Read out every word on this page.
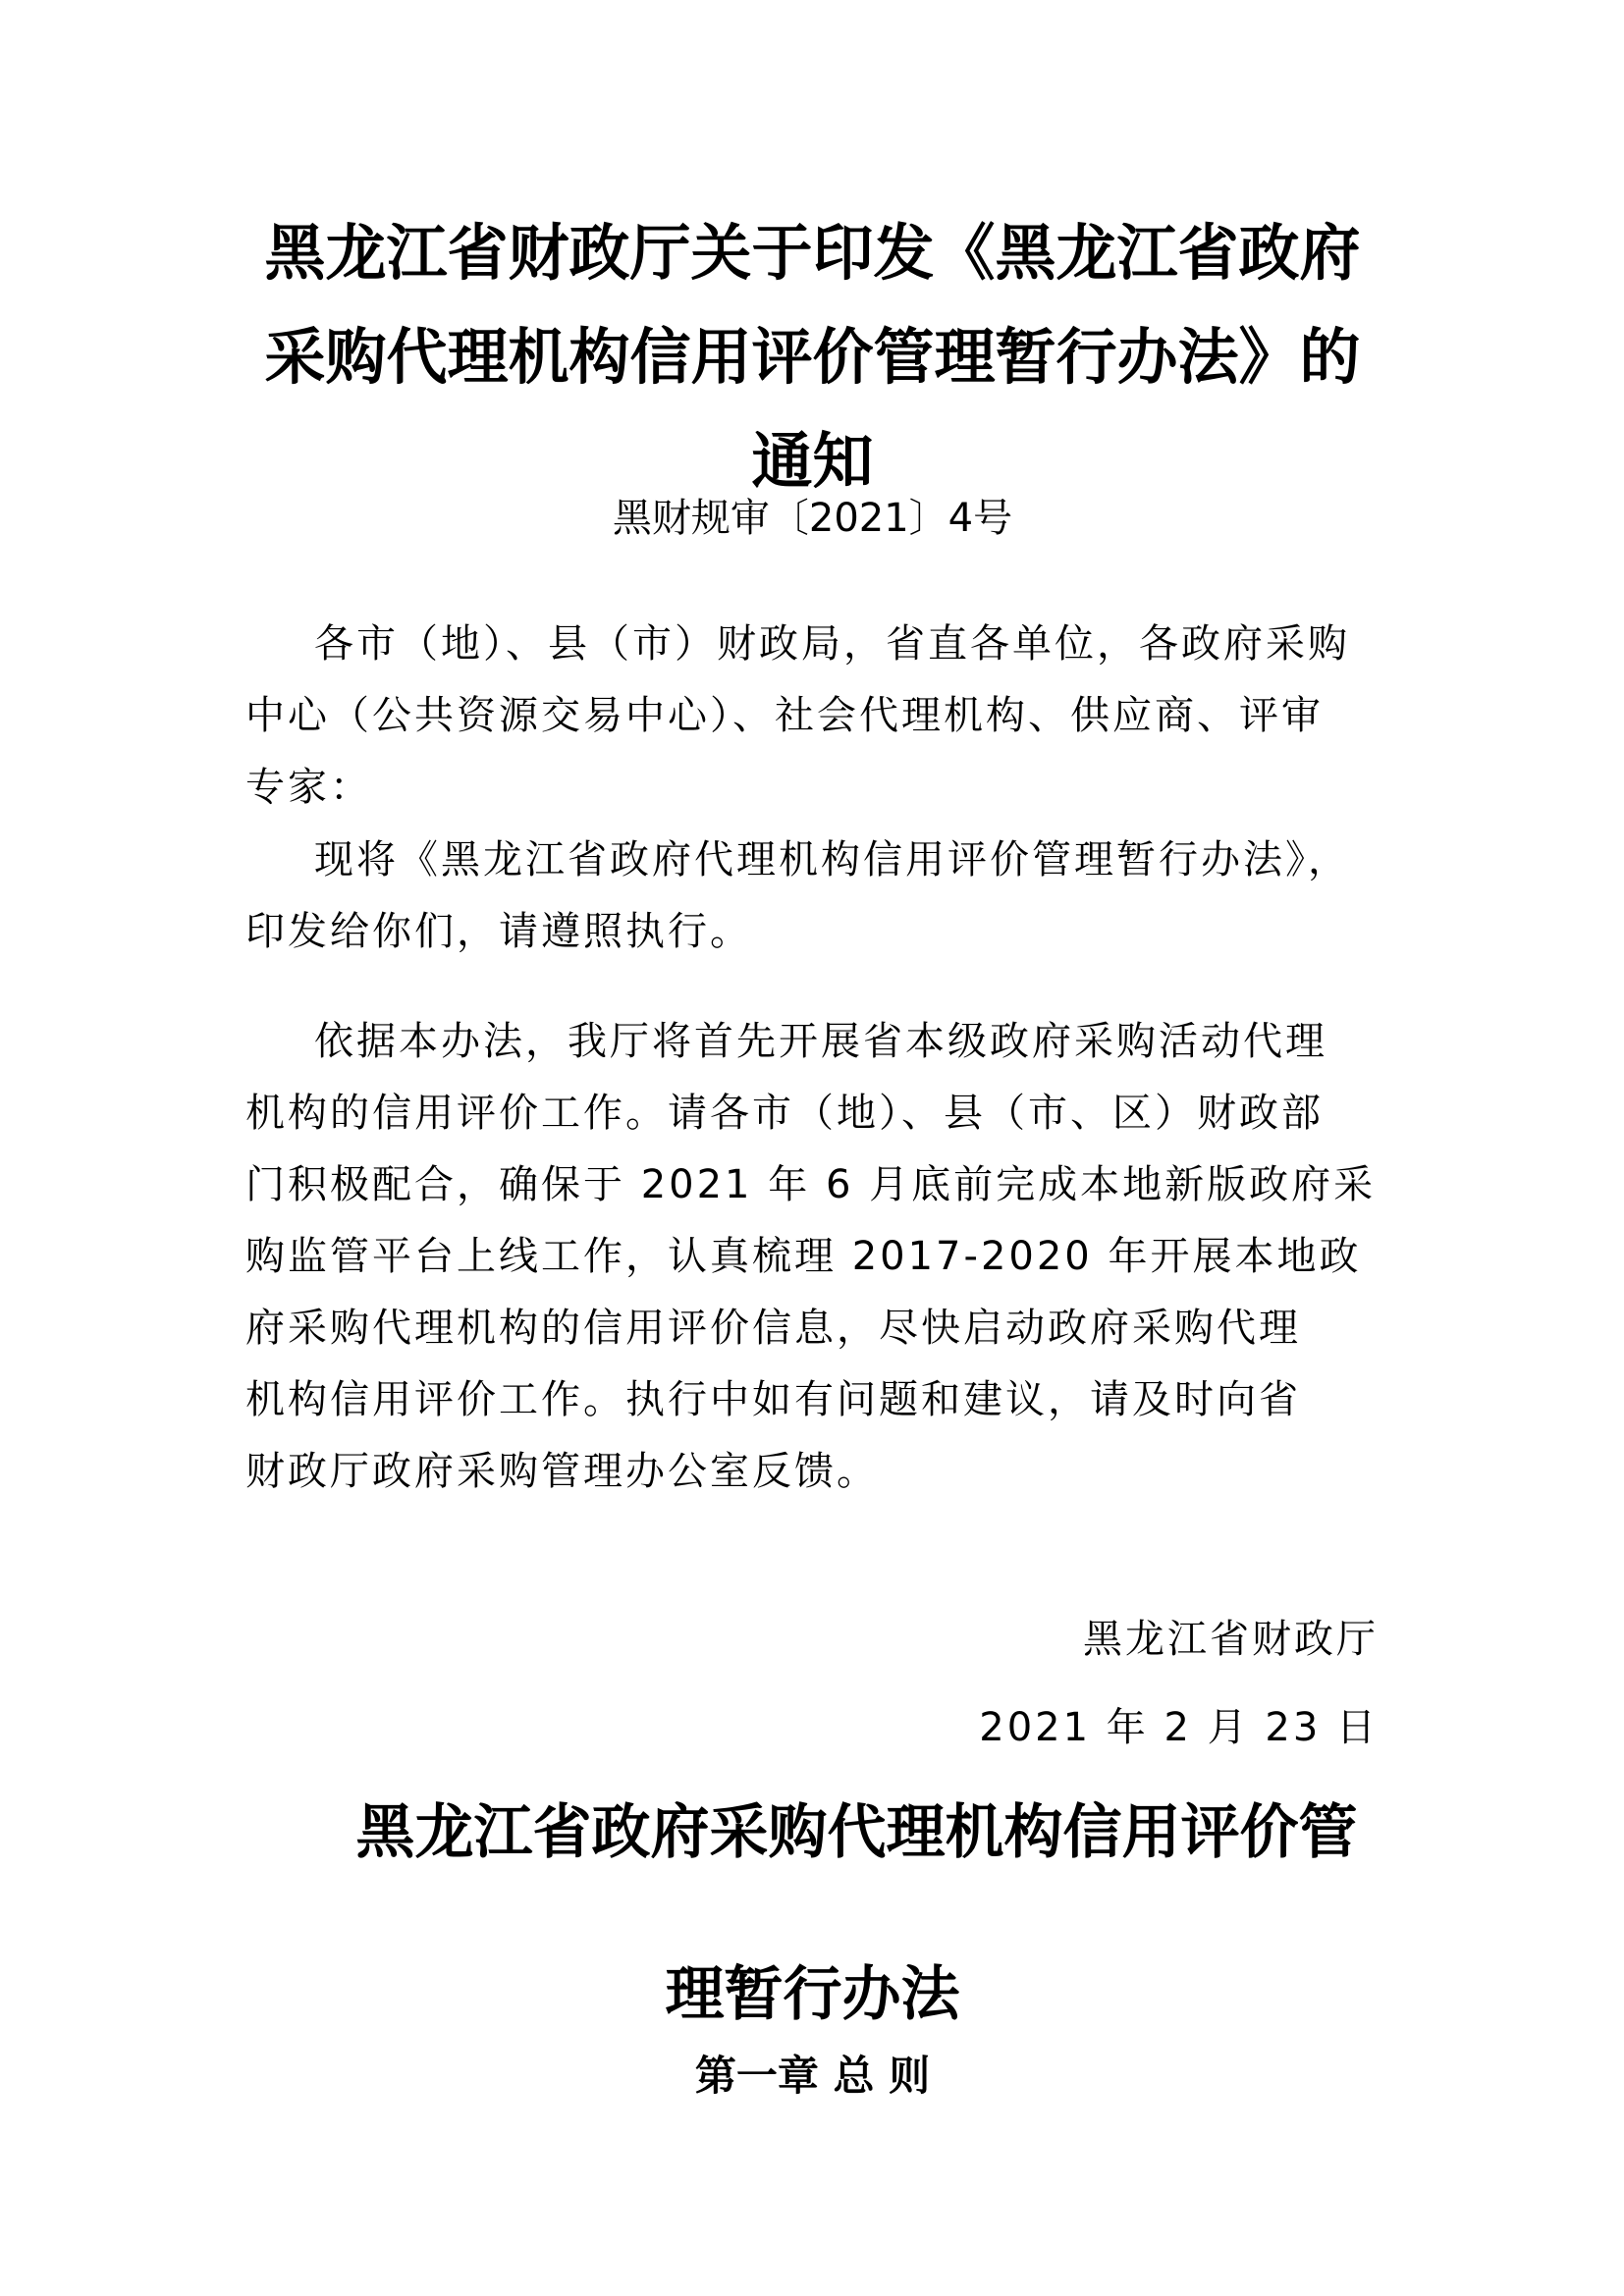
黑龙江省财政厅关于印发《黑龙江省政府
采购代理机构信用评价管理暂行办法》的
通知
黑财规审〔2021〕4号

各市（地）、县（市）财政局，省直各单位，各政府采购
中心（公共资源交易中心）、社会代理机构、供应商、评审
专家：

现将《黑龙江省政府代理机构信用评价管理暂行办法》，
印发给你们，请遵照执行。

依据本办法，我厅将首先开展省本级政府采购活动代理
机构的信用评价工作。请各市（地）、县（市、区）财政部
门积极配合，确保于 2021 年 6 月底前完成本地新版政府采
购监管平台上线工作，认真梳理 2017-2020 年开展本地政
府采购代理机构的信用评价信息，尽快启动政府采购代理
机构信用评价工作。执行中如有问题和建议，请及时向省
财政厅政府采购管理办公室反馈。

黑龙江省财政厅
2021 年 2 月 23 日
黑龙江省政府采购代理机构信用评价管
理暂行办法
第一章 总 则
